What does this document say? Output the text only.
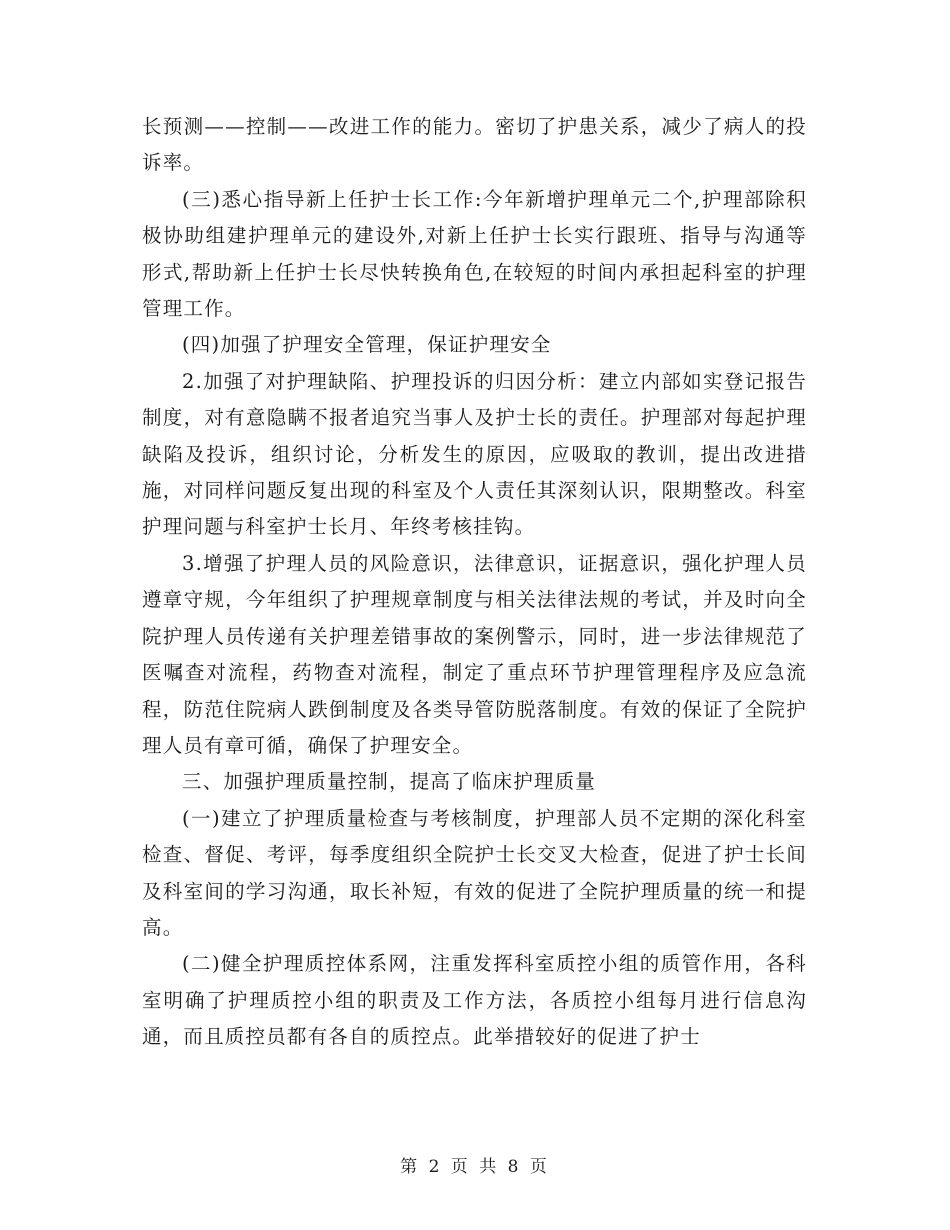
长预测——控制——改进工作的能力。密切了护患关系，减少了病人的投诉率。

(三)悉心指导新上任护士长工作:今年新增护理单元二个,护理部除积极协助组建护理单元的建设外,对新上任护士长实行跟班、指导与沟通等形式,帮助新上任护士长尽快转换角色,在较短的时间内承担起科室的护理管理工作。

(四)加强了护理安全管理，保证护理安全

2.加强了对护理缺陷、护理投诉的归因分析：建立内部如实登记报告制度，对有意隐瞒不报者追究当事人及护士长的责任。护理部对每起护理缺陷及投诉，组织讨论，分析发生的原因，应吸取的教训，提出改进措施，对同样问题反复出现的科室及个人责任其深刻认识，限期整改。科室护理问题与科室护士长月、年终考核挂钩。

3.增强了护理人员的风险意识，法律意识，证据意识，强化护理人员遵章守规，今年组织了护理规章制度与相关法律法规的考试，并及时向全院护理人员传递有关护理差错事故的案例警示，同时，进一步法律规范了医嘱查对流程，药物查对流程，制定了重点环节护理管理程序及应急流程，防范住院病人跌倒制度及各类导管防脱落制度。有效的保证了全院护理人员有章可循，确保了护理安全。

三、加强护理质量控制，提高了临床护理质量

(一)建立了护理质量检查与考核制度，护理部人员不定期的深化科室检查、督促、考评，每季度组织全院护士长交叉大检查，促进了护士长间及科室间的学习沟通，取长补短，有效的促进了全院护理质量的统一和提高。

(二)健全护理质控体系网，注重发挥科室质控小组的质管作用，各科室明确了护理质控小组的职责及工作方法，各质控小组每月进行信息沟通，而且质控员都有各自的质控点。此举措较好的促进了护士

第 2 页 共 8 页
